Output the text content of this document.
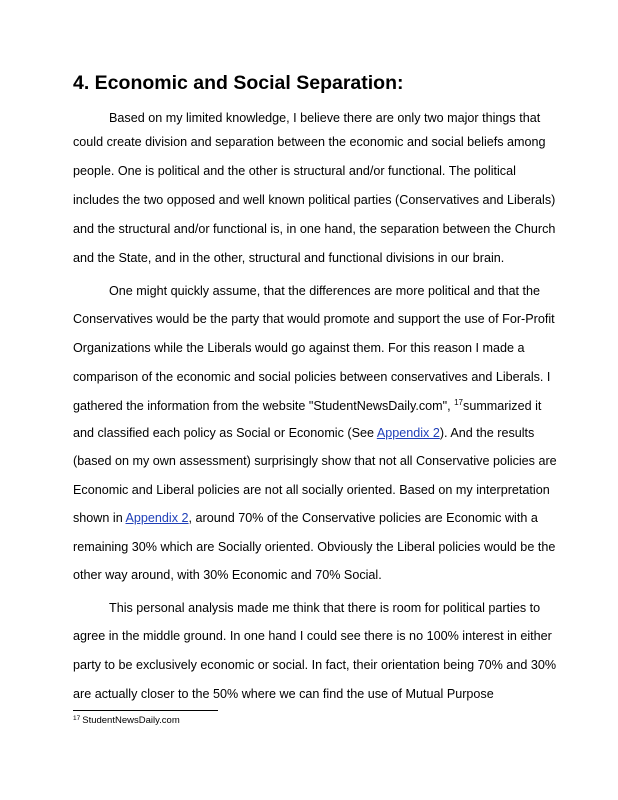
4. Economic and Social Separation:

Based on my limited knowledge, I believe there are only two major things that

could create division and separation between the economic and social beliefs among

people. One is political and the other is structural and/or functional. The political

includes the two opposed and well known political parties (Conservatives and Liberals)

and the structural and/or functional is, in one hand, the separation between the Church

and the State, and in the other, structural and functional divisions in our brain.

One might quickly assume, that the differences are more political and that the

Conservatives would be the party that would promote and support the use of For-Profit

Organizations while the Liberals would go against them. For this reason I made a

comparison of the economic and social policies between conservatives and Liberals. I

gathered the information from the website "StudentNewsDaily.com", $^{17}$summarized it

and classified each policy as Social or Economic (See Appendix 2). And the results

(based on my own assessment) surprisingly show that not all Conservative policies are

Economic and Liberal policies are not all socially oriented. Based on my interpretation

shown in Appendix 2, around 70% of the Conservative policies are Economic with a

remaining 30% which are Socially oriented. Obviously the Liberal policies would be the

other way around, with 30% Economic and 70% Social.

This personal analysis made me think that there is room for political parties to

agree in the middle ground. In one hand I could see there is no 100% interest in either

party to be exclusively economic or social. In fact, their orientation being 70% and 30%

are actually closer to the 50% where we can find the use of Mutual Purpose

$^{17}$ StudentNewsDaily.com
